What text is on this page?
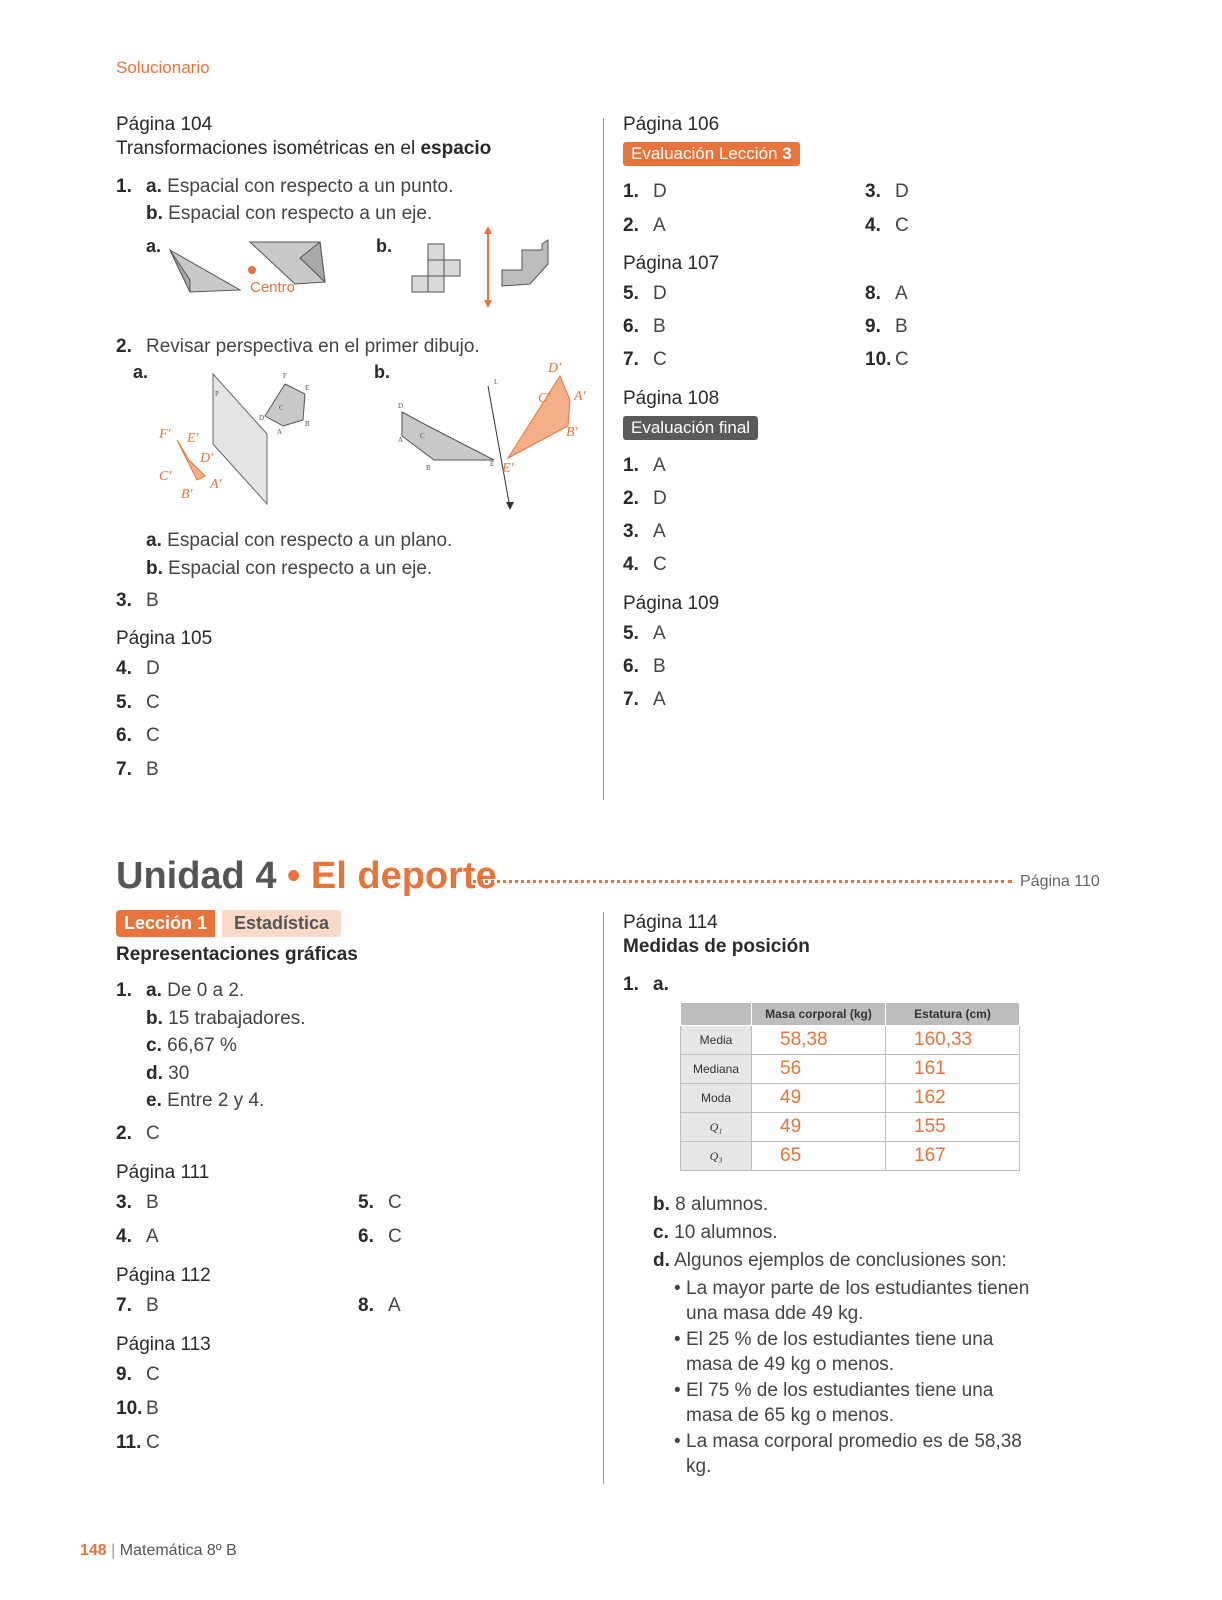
Solucionario
Página 104
Transformaciones isométricas en el espacio
1. a. Espacial con respecto a un punto.
b. Espacial con respecto a un eje.
a.
Centro
b.
2. Revisar perspectiva en el primer dibujo.
a.
P
F
E
D
C
B
A
F′ E′
D′
C′
A′
B′
b.	L
D
A C
B	E
D′
C′ A′
B′
E′
a. Espacial con respecto a un plano.
b. Espacial con respecto a un eje.
3. B
Página 105
4. D
5. C
6. C
7. B
Página 106
Evaluación Lección 3
1. D
2. A
3. D
4. C
Página 107
5. D
6. B
7. C
8. A
9. B
10. C
Página 108
Evaluación final
1. A
2. D
3. A
4. C
Página 109
5. A
6. B
7. A
Unidad 4 • El deporte	Página 110
Lección 1	Estadística
Representaciones gráficas
1. a. De 0 a 2.
b. 15 trabajadores.
c. 66,67 %
d. 30
e. Entre 2 y 4.
2. C
Página 111
3. B
4. A
5. C
6. C
Página 112
7. B	8. A
Página 113
9. C
10. B
11. C
Página 114
Medidas de posición
1. a.
	Masa corporal (kg)	Estatura (cm)
Media	58,38	160,33
Mediana	56	161
Moda	49	162
Q₁	49	155
Q₃	65	167
b. 8 alumnos.
c. 10 alumnos.
d. Algunos ejemplos de conclusiones son:
• La mayor parte de los estudiantes tienen una masa dde 49 kg.
• El 25 % de los estudiantes tiene una masa de 49 kg o menos.
• El 75 % de los estudiantes tiene una masa de 65 kg o menos.
• La masa corporal promedio es de 58,38 kg.
148 | Matemática 8º B
